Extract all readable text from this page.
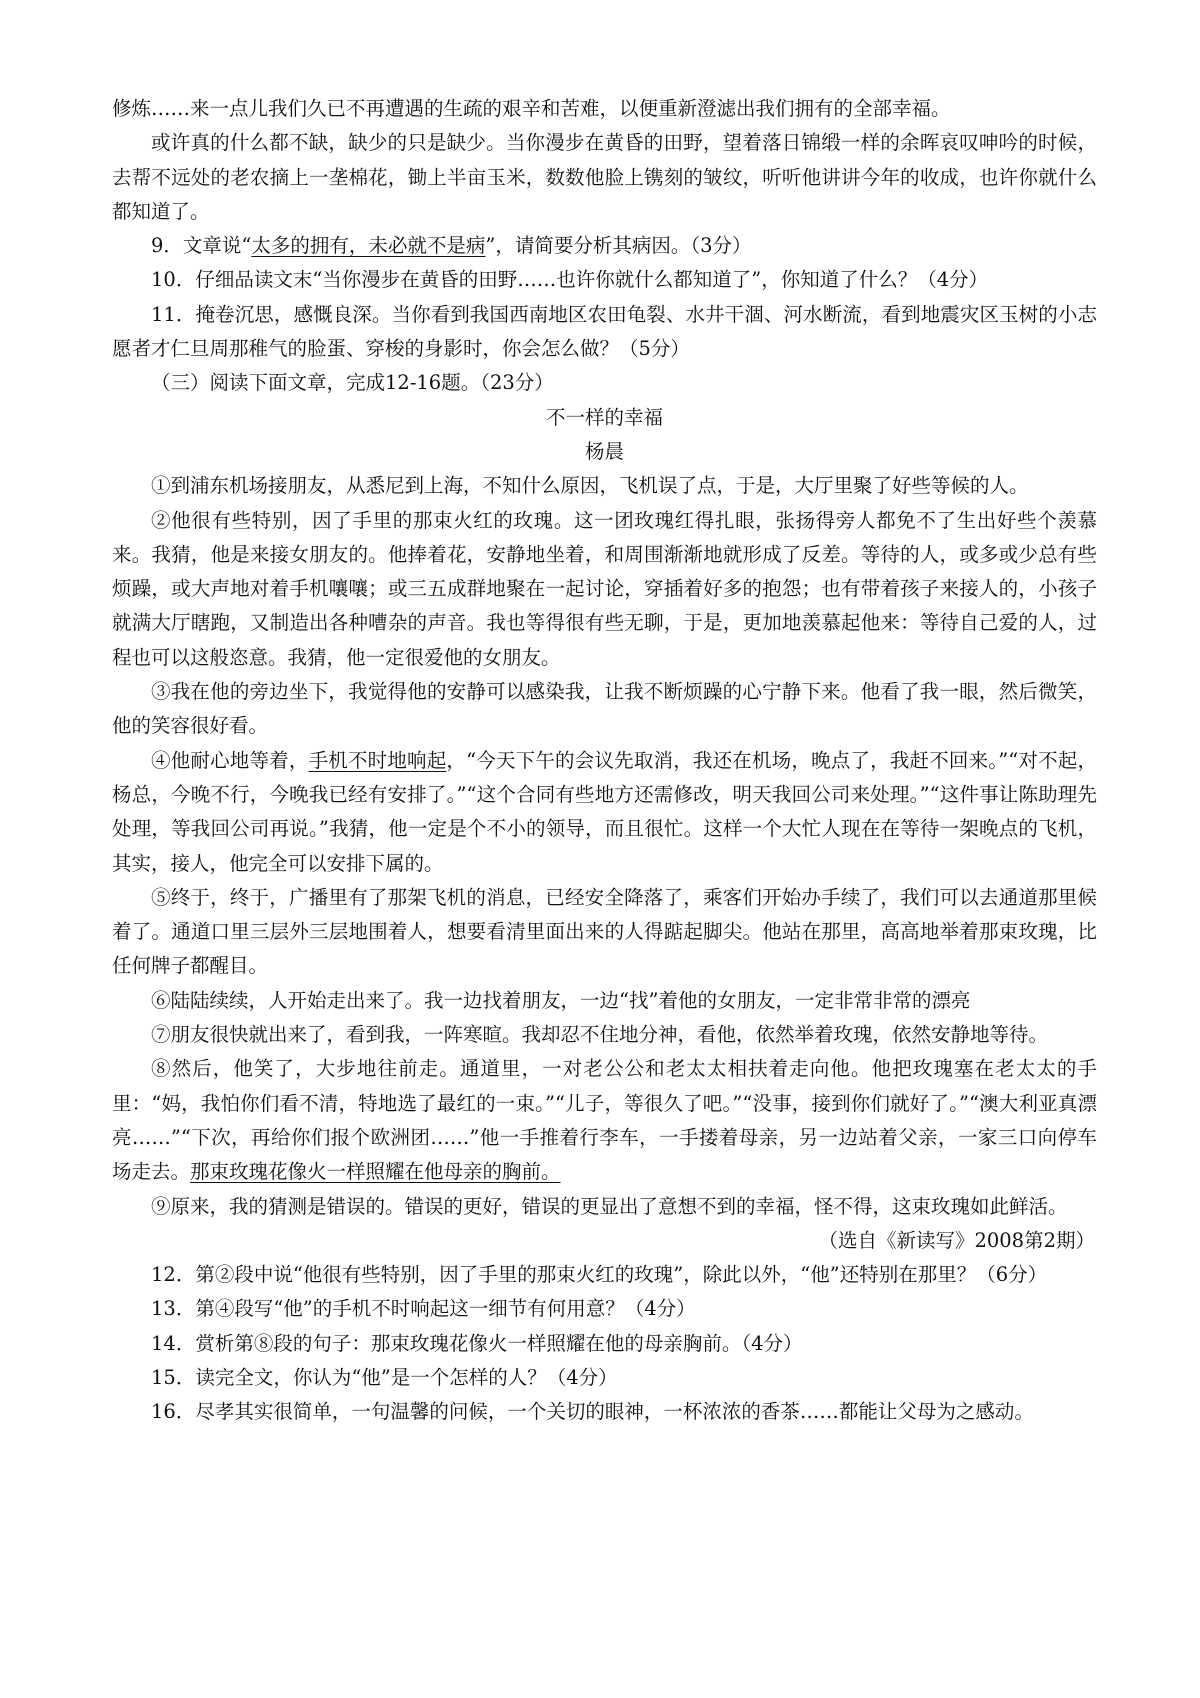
修炼……来一点儿我们久已不再遭遇的生疏的艰辛和苦难，以便重新澄滤出我们拥有的全部幸福。

或许真的什么都不缺，缺少的只是缺少。当你漫步在黄昏的田野，望着落日锦缎一样的余晖哀叹呻吟的时候，去帮不远处的老农摘上一垄棉花，锄上半亩玉米，数数他脸上镌刻的皱纹，听听他讲讲今年的收成，也许你就什么都知道了。

9．文章说“太多的拥有，未必就不是病”，请简要分析其病因。（3分）

10．仔细品读文末“当你漫步在黄昏的田野……也许你就什么都知道了”，你知道了什么？（4分）

11．掩卷沉思，感慨良深。当你看到我国西南地区农田龟裂、水井干涸、河水断流，看到地震灾区玉树的小志愿者才仁旦周那稚气的脸蛋、穿梭的身影时，你会怎么做？（5分）

（三）阅读下面文章，完成12-16题。（23分）

不一样的幸福

杨晨

①到浦东机场接朋友，从悉尼到上海，不知什么原因，飞机误了点，于是，大厅里聚了好些等候的人。

②他很有些特别，因了手里的那束火红的玫瑰。这一团玫瑰红得扎眼，张扬得旁人都免不了生出好些个羡慕来。我猜，他是来接女朋友的。他捧着花，安静地坐着，和周围渐渐地就形成了反差。等待的人，或多或少总有些烦躁，或大声地对着手机嚷嚷；或三五成群地聚在一起讨论，穿插着好多的抱怨；也有带着孩子来接人的，小孩子就满大厅瞎跑，又制造出各种嘈杂的声音。我也等得很有些无聊，于是，更加地羡慕起他来：等待自己爱的人，过程也可以这般恣意。我猜，他一定很爱他的女朋友。

③我在他的旁边坐下，我觉得他的安静可以感染我，让我不断烦躁的心宁静下来。他看了我一眼，然后微笑，他的笑容很好看。

④他耐心地等着，手机不时地响起，“今天下午的会议先取消，我还在机场，晚点了，我赶不回来。”“对不起，杨总，今晚不行，今晚我已经有安排了。”“这个合同有些地方还需修改，明天我回公司来处理。”“这件事让陈助理先处理，等我回公司再说。”我猜，他一定是个不小的领导，而且很忙。这样一个大忙人现在在等待一架晚点的飞机，其实，接人，他完全可以安排下属的。

⑤终于，终于，广播里有了那架飞机的消息，已经安全降落了，乘客们开始办手续了，我们可以去通道那里候着了。通道口里三层外三层地围着人，想要看清里面出来的人得踮起脚尖。他站在那里，高高地举着那束玫瑰，比任何牌子都醒目。

⑥陆陆续续，人开始走出来了。我一边找着朋友，一边“找”着他的女朋友，一定非常非常的漂亮

⑦朋友很快就出来了，看到我，一阵寒暄。我却忍不住地分神，看他，依然举着玫瑰，依然安静地等待。

⑧然后，他笑了，大步地往前走。通道里，一对老公公和老太太相扶着走向他。他把玫瑰塞在老太太的手里：“妈，我怕你们看不清，特地选了最红的一束。”“儿子，等很久了吧。”“没事，接到你们就好了。”“澳大利亚真漂亮……”“下次，再给你们报个欧洲团……”他一手推着行李车，一手搂着母亲，另一边站着父亲，一家三口向停车场走去。那束玫瑰花像火一样照耀在他母亲的胸前。

⑨原来，我的猜测是错误的。错误的更好，错误的更显出了意想不到的幸福，怪不得，这束玫瑰如此鲜活。

（选自《新读写》2008第2期）

12．第②段中说“他很有些特别，因了手里的那束火红的玫瑰”，除此以外，“他”还特别在那里？（6分）

13．第④段写“他”的手机不时响起这一细节有何用意？（4分）

14．赏析第⑧段的句子：那束玫瑰花像火一样照耀在他的母亲胸前。（4分）

15．读完全文，你认为“他”是一个怎样的人？（4分）

16．尽孝其实很简单，一句温馨的问候，一个关切的眼神，一杯浓浓的香茶……都能让父母为之感动。
